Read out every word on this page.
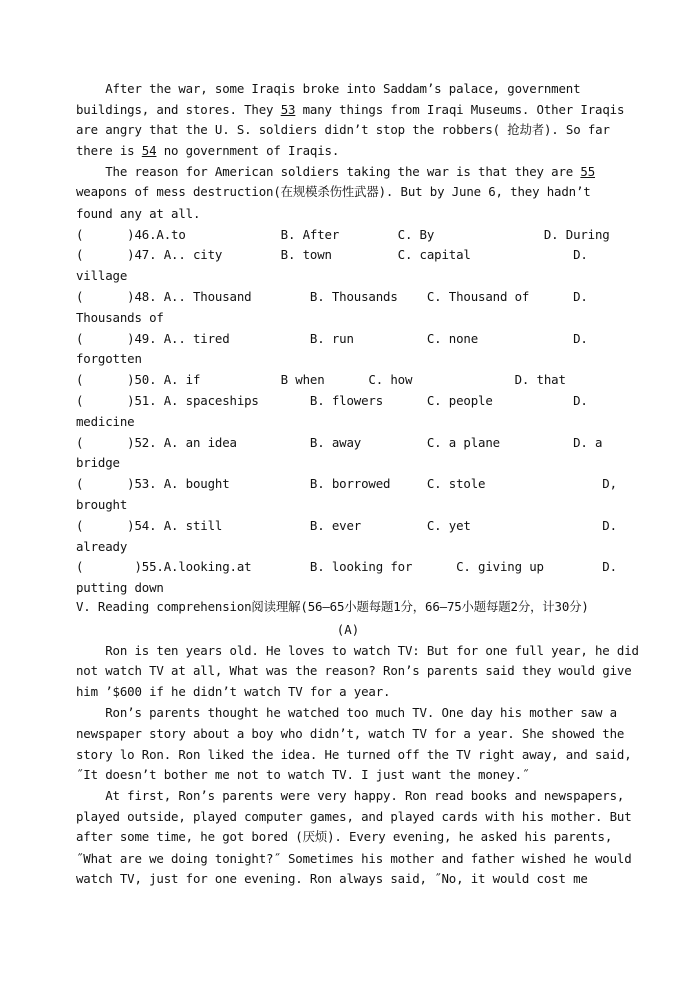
After the war, some Iraqis broke into Saddam’s palace, government
buildings, and stores. They 53 many things from Iraqi Museums. Other Iraqis
are angry that the U. S. soldiers didn’t stop the robbers( 抢劫者). So far
there is 54 no government of Iraqis.
The reason for American soldiers taking the war is that they are 55
weapons of mess destruction(在规模杀伤性武器). But by June 6, they hadn’t
found any at all.
(      )46.A.to             B. After        C. By               D. During
(      )47. A.. city        B. town         C. capital              D.
village
(      )48. A.. Thousand        B. Thousands    C. Thousand of      D.
Thousands of
(      )49. A.. tired           B. run          C. none             D.
forgotten
(      )50. A. if           B when      C. how              D. that
(      )51. A. spaceships       B. flowers      C. people           D.
medicine
(      )52. A. an idea          B. away         C. a plane          D. a
bridge
(      )53. A. bought           B. borrowed     C. stole                D,
brought
(      )54. A. still            B. ever         C. yet                  D.
already
(       )55.A.looking.at        B. looking for      C. giving up        D.
putting down
V. Reading comprehension阅读理解(56—65小题每题1分，66—75小题每题2分，计30分)
(A)
Ron is ten years old. He loves to watch TV: But for one full year, he did
not watch TV at all, What was the reason? Ron’s parents said they would give
him ’$600 if he didn’t watch TV for a year.
Ron’s parents thought he watched too much TV. One day his mother saw a
newspaper story about a boy who didn’t, watch TV for a year. She showed the
story lo Ron. Ron liked the idea. He turned off the TV right away, and said,
˝It doesn’t bother me not to watch TV. I just want the money.˝
At first, Ron’s parents were very happy. Ron read books and newspapers,
played outside, played computer games, and played cards with his mother. But
after some time, he got bored (厌烦). Every evening, he asked his parents,
˝What are we doing tonight?˝ Sometimes his mother and father wished he would
watch TV, just for one evening. Ron always said, ˝No, it would cost me
